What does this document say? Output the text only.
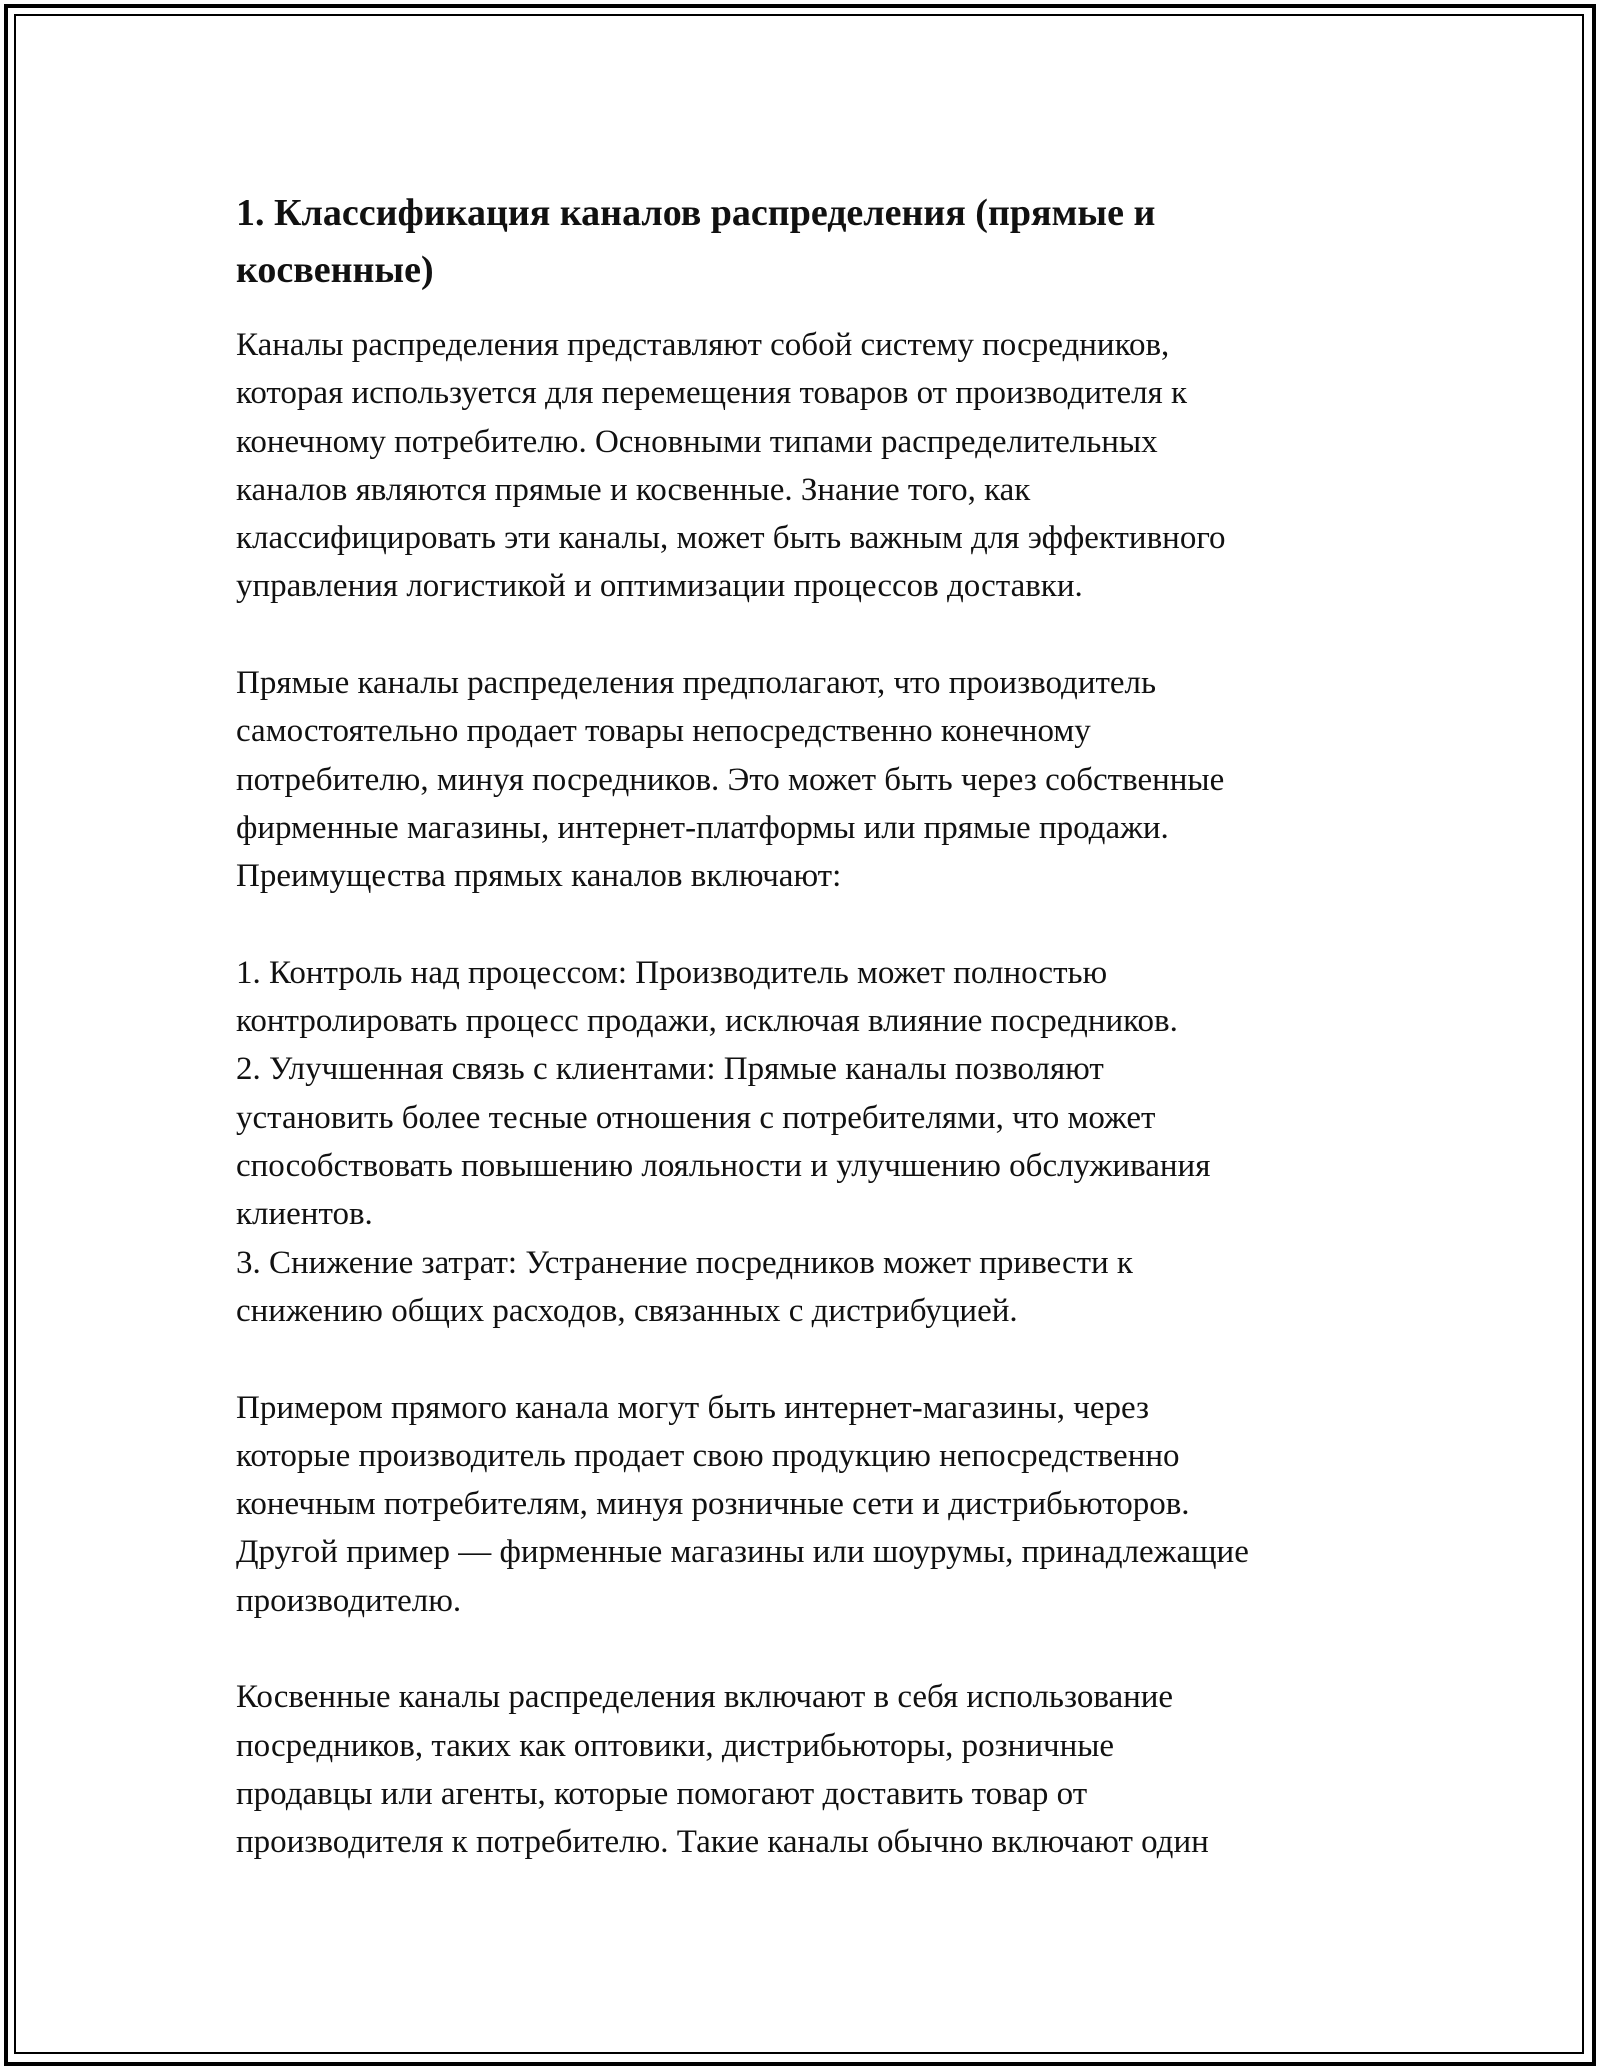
1. Классификация каналов распределения (прямые и
косвенные)

Каналы распределения представляют собой систему посредников,
которая используется для перемещения товаров от производителя к
конечному потребителю. Основными типами распределительных
каналов являются прямые и косвенные. Знание того, как
классифицировать эти каналы, может быть важным для эффективного
управления логистикой и оптимизации процессов доставки.

Прямые каналы распределения предполагают, что производитель
самостоятельно продает товары непосредственно конечному
потребителю, минуя посредников. Это может быть через собственные
фирменные магазины, интернет-платформы или прямые продажи.
Преимущества прямых каналов включают:

1. Контроль над процессом: Производитель может полностью
контролировать процесс продажи, исключая влияние посредников.
2. Улучшенная связь с клиентами: Прямые каналы позволяют
установить более тесные отношения с потребителями, что может
способствовать повышению лояльности и улучшению обслуживания
клиентов.
3. Снижение затрат: Устранение посредников может привести к
снижению общих расходов, связанных с дистрибуцией.

Примером прямого канала могут быть интернет-магазины, через
которые производитель продает свою продукцию непосредственно
конечным потребителям, минуя розничные сети и дистрибьюторов.
Другой пример — фирменные магазины или шоурумы, принадлежащие
производителю.

Косвенные каналы распределения включают в себя использование
посредников, таких как оптовики, дистрибьюторы, розничные
продавцы или агенты, которые помогают доставить товар от
производителя к потребителю. Такие каналы обычно включают один
